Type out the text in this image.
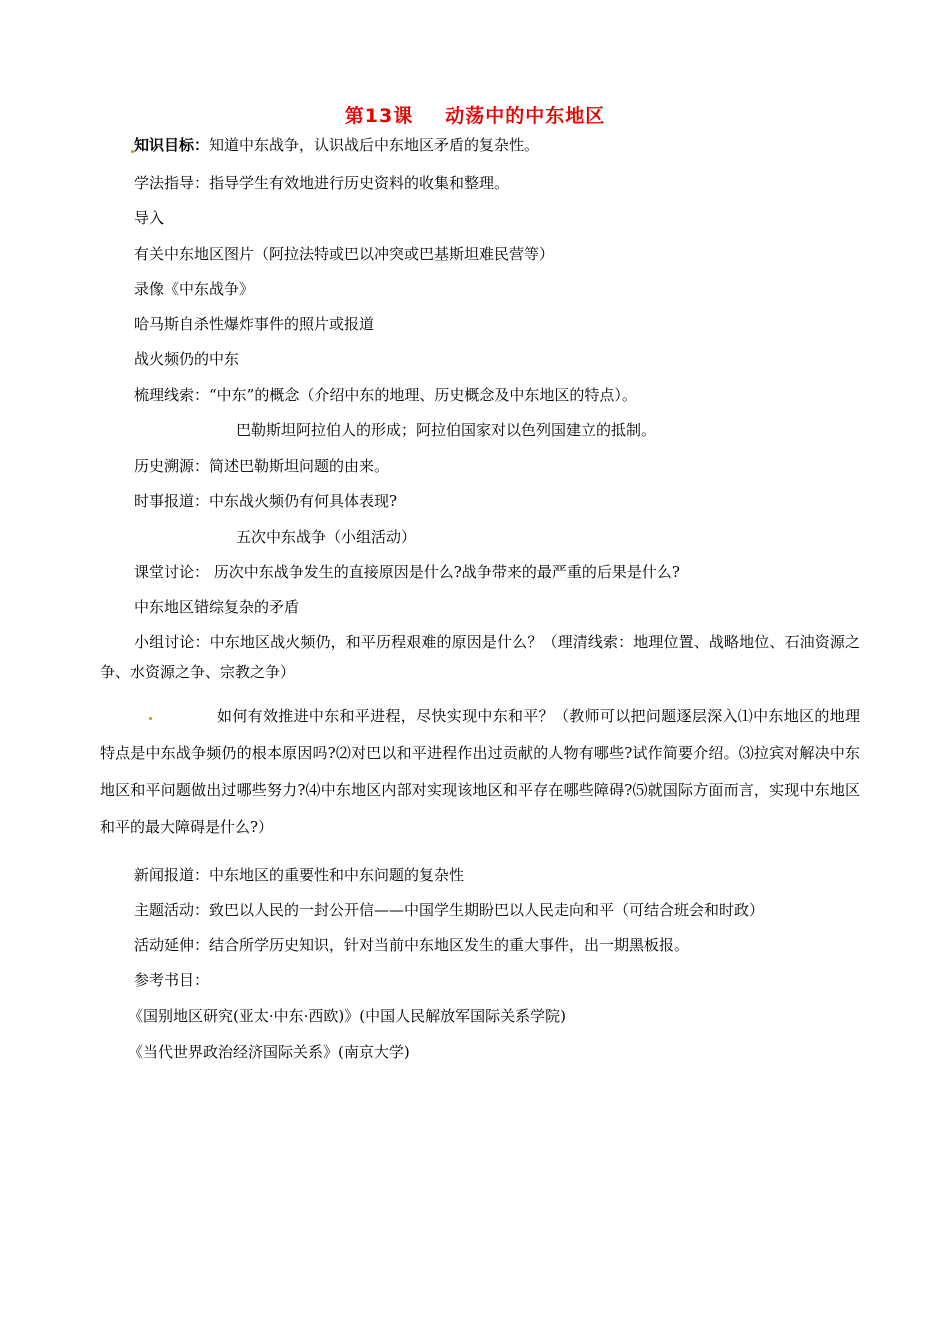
第13课 动荡中的中东地区
知识目标：知道中东战争，认识战后中东地区矛盾的复杂性。
学法指导：指导学生有效地进行历史资料的收集和整理。
导入
有关中东地区图片（阿拉法特或巴以冲突或巴基斯坦难民营等）
录像《中东战争》
哈马斯自杀性爆炸事件的照片或报道
战火频仍的中东
梳理线索：“中东”的概念（介绍中东的地理、历史概念及中东地区的特点）。
巴勒斯坦阿拉伯人的形成；阿拉伯国家对以色列国建立的抵制。
历史溯源：简述巴勒斯坦问题的由来。
时事报道：中东战火频仍有何具体表现?
五次中东战争（小组活动）
课堂讨论： 历次中东战争发生的直接原因是什么?战争带来的最严重的后果是什么?
中东地区错综复杂的矛盾
小组讨论：中东地区战火频仍，和平历程艰难的原因是什么？（理清线索：地理位置、战略地位、石油资源之争、水资源之争、宗教之争）
如何有效推进中东和平进程，尽快实现中东和平？（教师可以把问题逐层深入⑴中东地区的地理特点是中东战争频仍的根本原因吗?⑵对巴以和平进程作出过贡献的人物有哪些?试作简要介绍。⑶拉宾对解决中东地区和平问题做出过哪些努力?⑷中东地区内部对实现该地区和平存在哪些障碍?⑸就国际方面而言，实现中东地区和平的最大障碍是什么?）
新闻报道：中东地区的重要性和中东问题的复杂性
主题活动：致巴以人民的一封公开信——中国学生期盼巴以人民走向和平（可结合班会和时政）
活动延伸：结合所学历史知识，针对当前中东地区发生的重大事件，出一期黑板报。
参考书目：
《国别地区研究(亚太·中东·西欧)》(中国人民解放军国际关系学院)
《当代世界政治经济国际关系》(南京大学)
